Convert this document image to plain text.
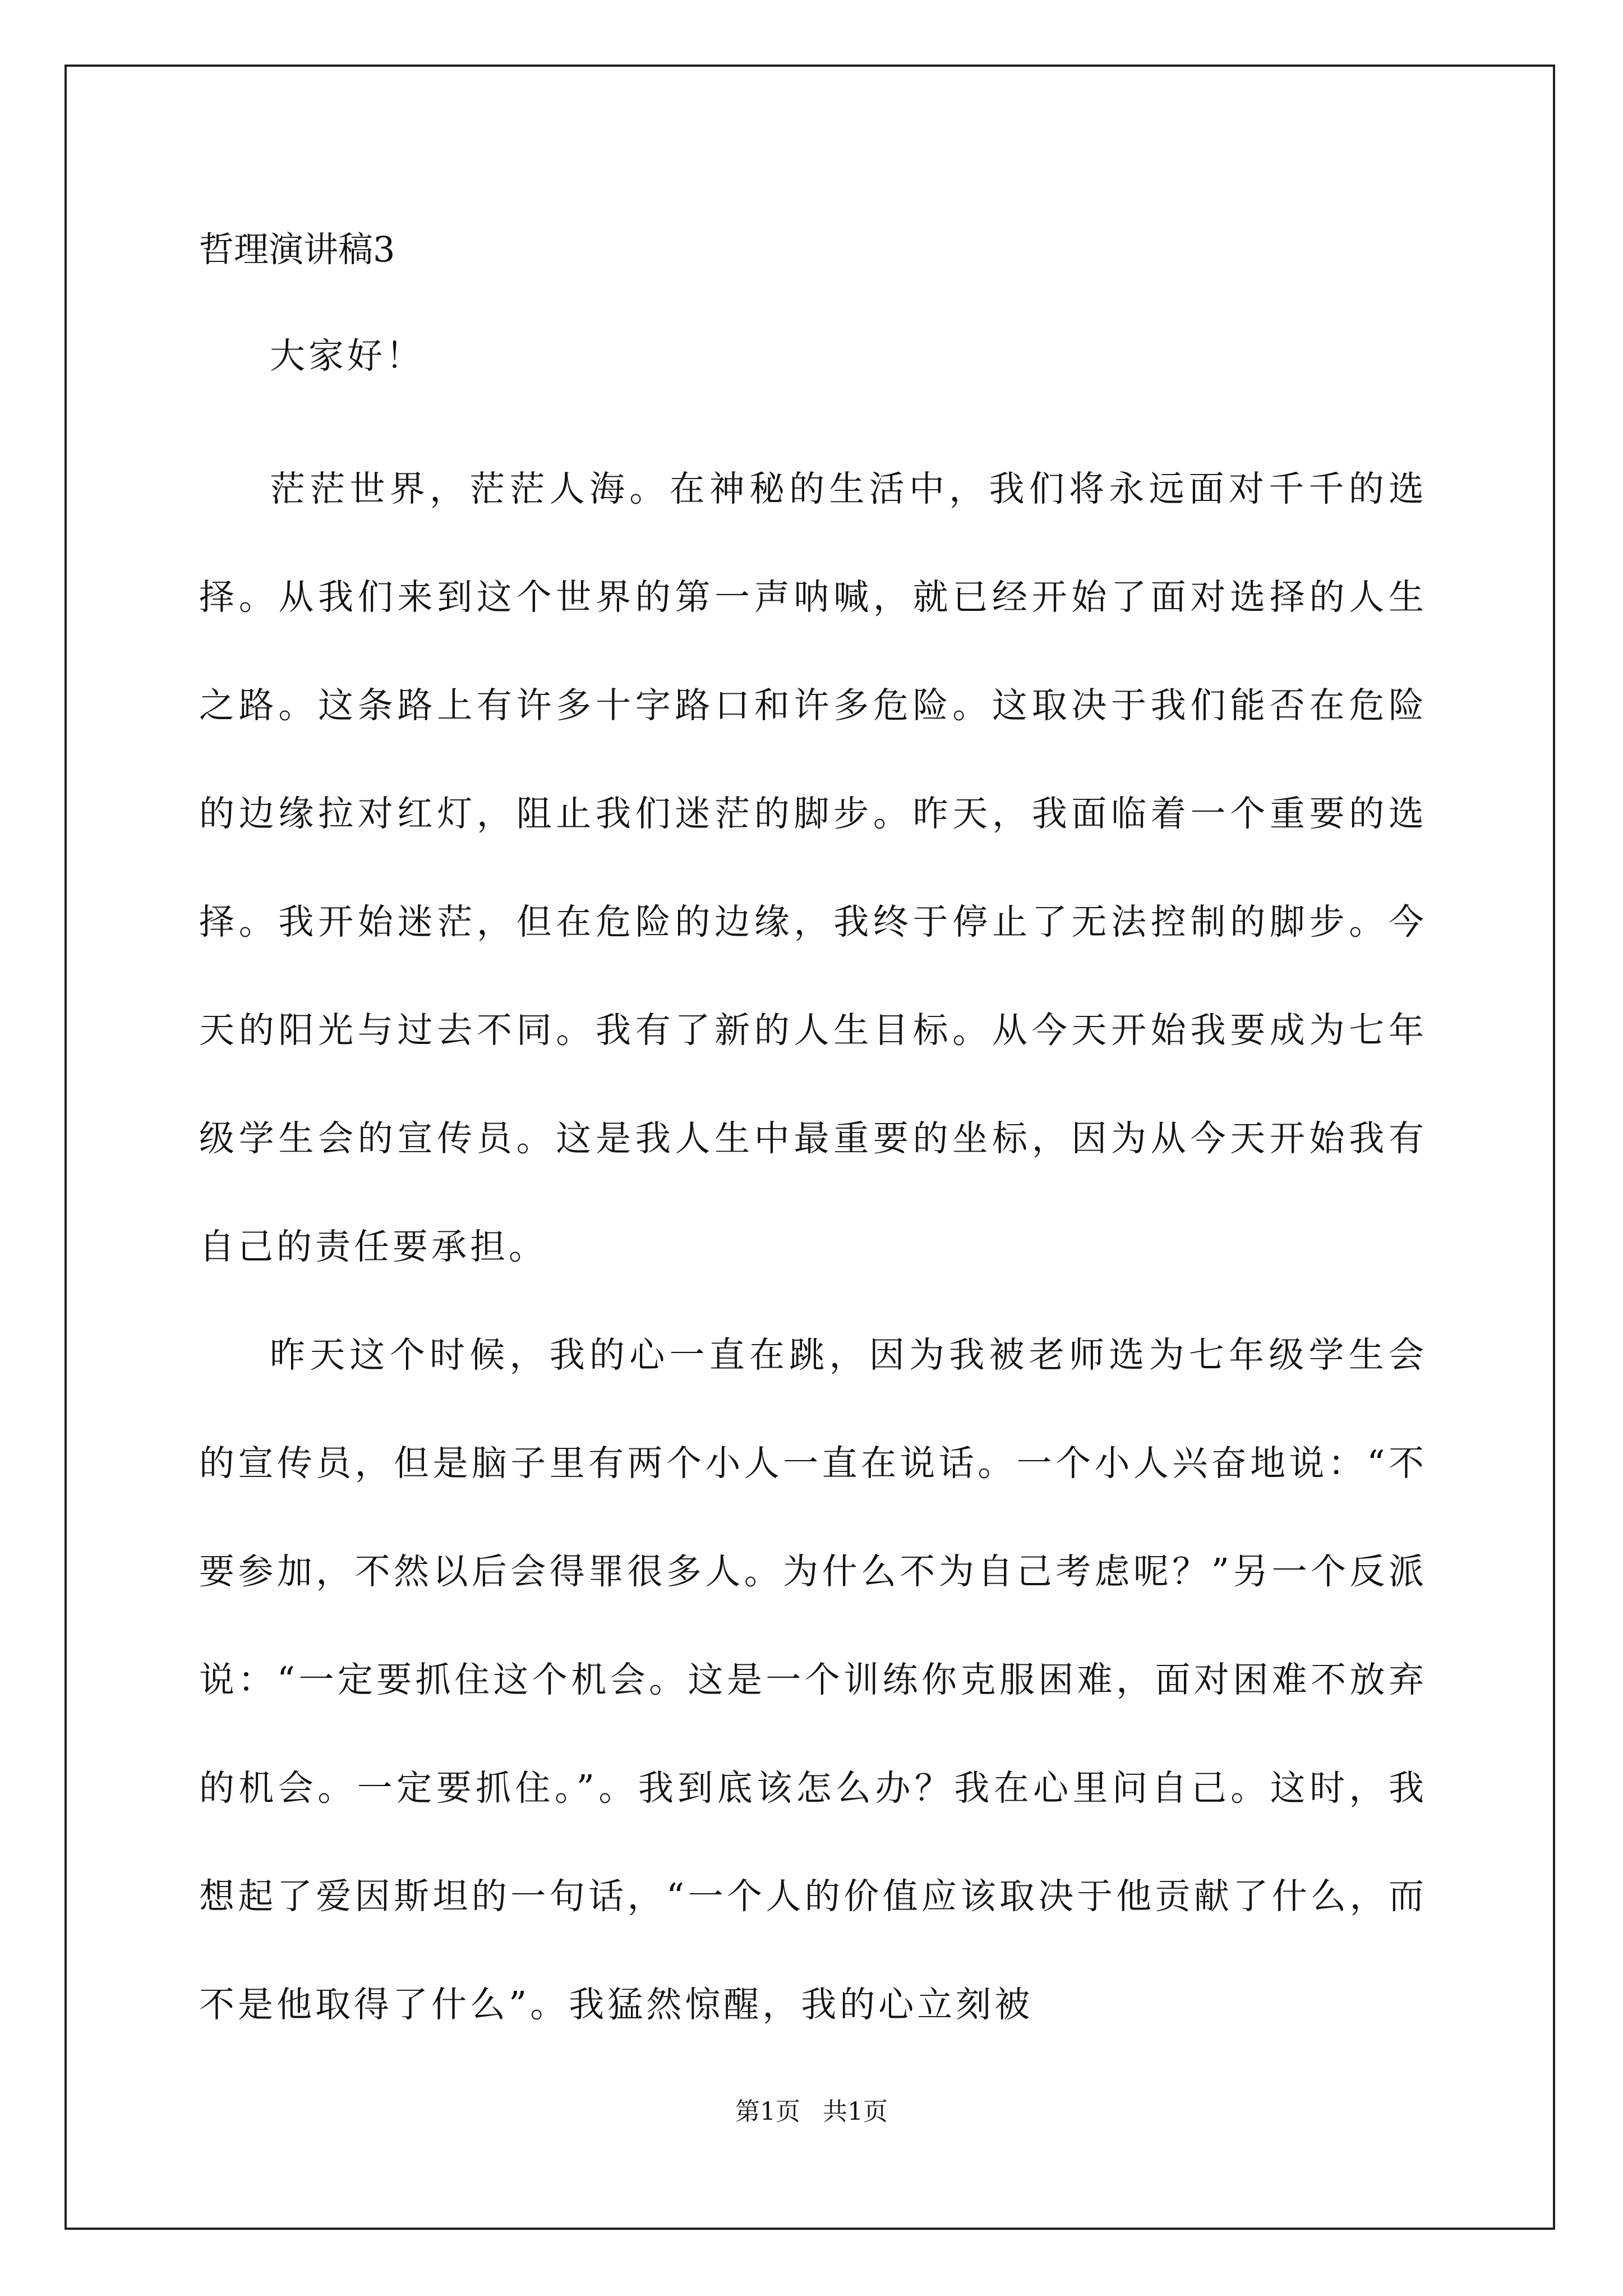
哲理演讲稿3

大家好！

茫茫世界，茫茫人海。在神秘的生活中，我们将永远面对千千的选择。从我们来到这个世界的第一声呐喊，就已经开始了面对选择的人生之路。这条路上有许多十字路口和许多危险。这取决于我们能否在危险的边缘拉对红灯，阻止我们迷茫的脚步。昨天，我面临着一个重要的选择。我开始迷茫，但在危险的边缘，我终于停止了无法控制的脚步。今天的阳光与过去不同。我有了新的人生目标。从今天开始我要成为七年级学生会的宣传员。这是我人生中最重要的坐标，因为从今天开始我有自己的责任要承担。

昨天这个时候，我的心一直在跳，因为我被老师选为七年级学生会的宣传员，但是脑子里有两个小人一直在说话。一个小人兴奋地说：“不要参加，不然以后会得罪很多人。为什么不为自己考虑呢？”另一个反派说：“一定要抓住这个机会。这是一个训练你克服困难，面对困难不放弃的机会。一定要抓住。”。我到底该怎么办？我在心里问自己。这时，我想起了爱因斯坦的一句话，“一个人的价值应该取决于他贡献了什么，而不是他取得了什么”。我猛然惊醒，我的心立刻被

第1页 共1页
